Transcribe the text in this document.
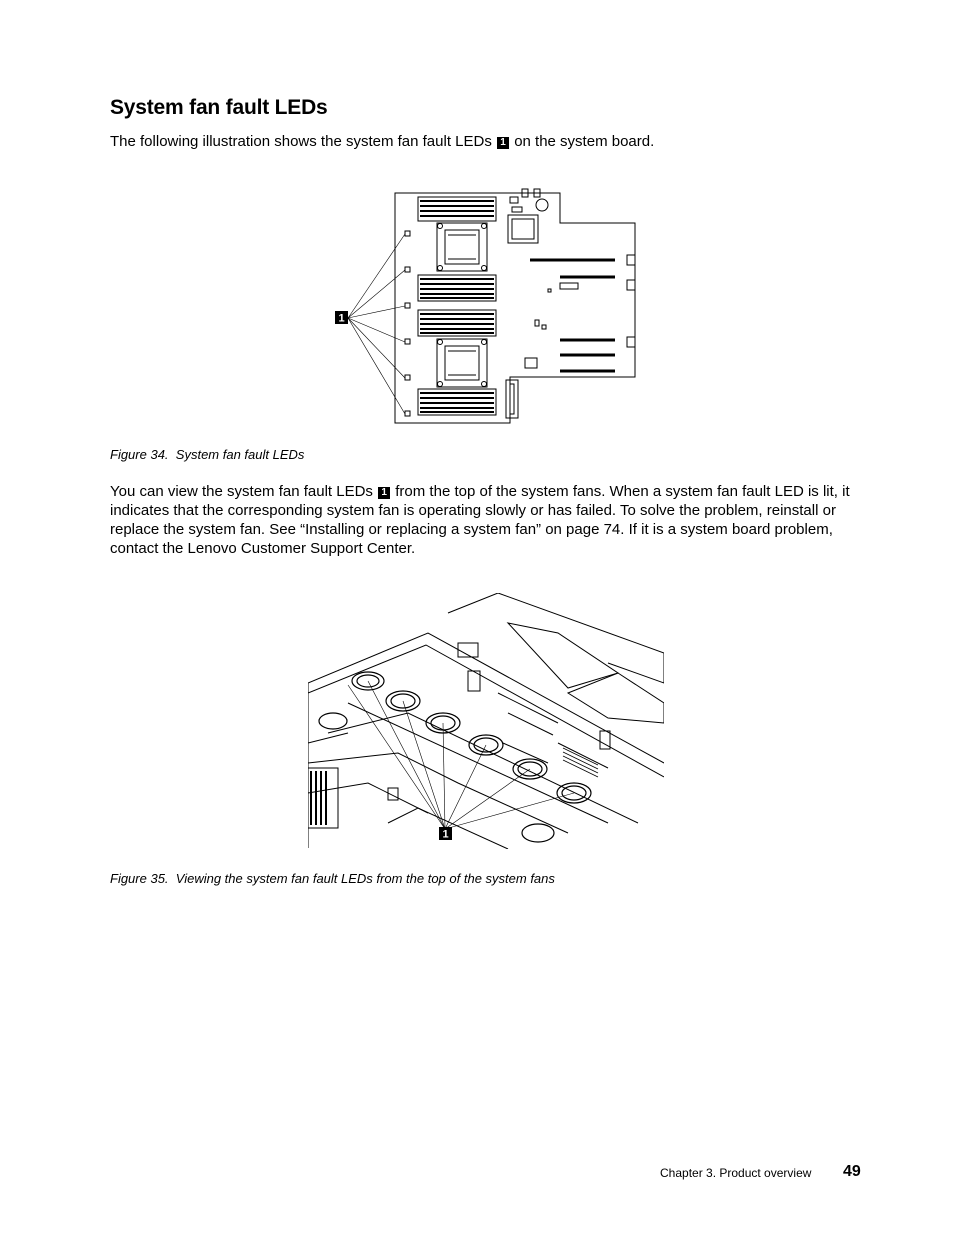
System fan fault LEDs

The following illustration shows the system fan fault LEDs 1 on the system board.

1

Figure 34. System fan fault LEDs

You can view the system fan fault LEDs 1 from the top of the system fans. When a system fan fault LED is lit, it indicates that the corresponding system fan is operating slowly or has failed. To solve the problem, reinstall or replace the system fan. See “Installing or replacing a system fan” on page 74. If it is a system board problem, contact the Lenovo Customer Support Center.

1

Figure 35. Viewing the system fan fault LEDs from the top of the system fans

Chapter 3. Product overview 49
